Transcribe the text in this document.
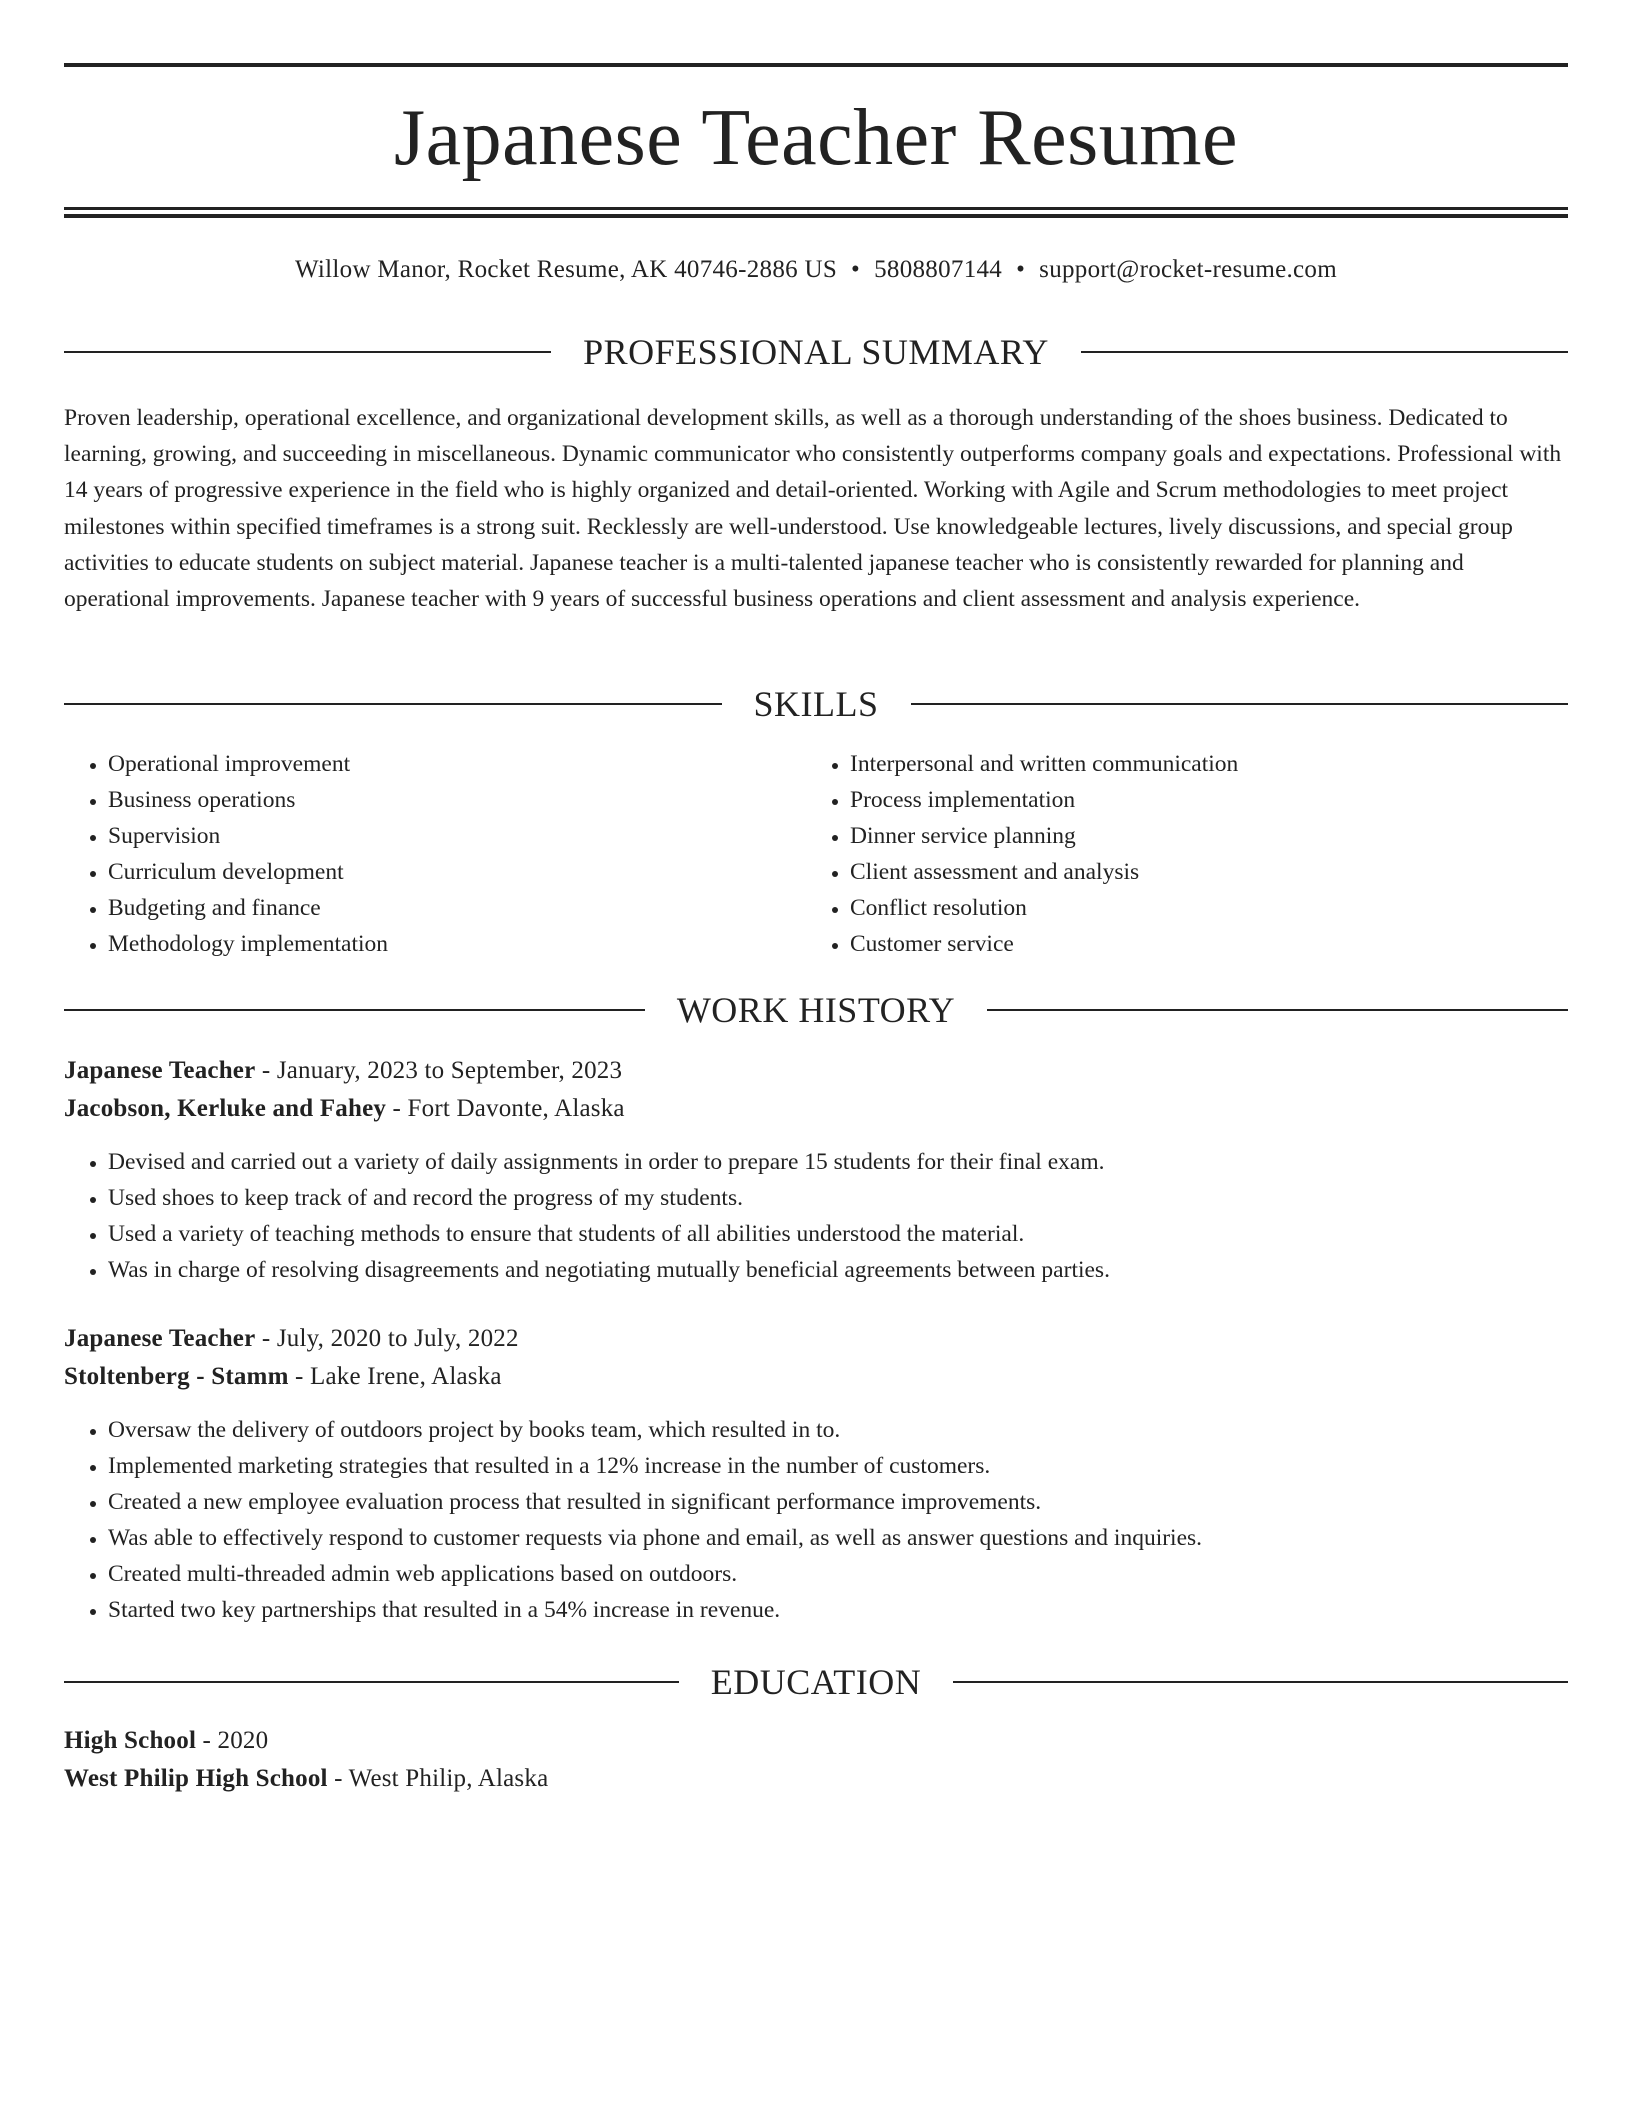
Japanese Teacher Resume
Willow Manor, Rocket Resume, AK 40746-2886 US • 5808807144 • support@rocket-resume.com
PROFESSIONAL SUMMARY

Proven leadership, operational excellence, and organizational development skills, as well as a thorough understanding of the shoes business. Dedicated to learning, growing, and succeeding in miscellaneous. Dynamic communicator who consistently outperforms company goals and expectations. Professional with 14 years of progressive experience in the field who is highly organized and detail-oriented. Working with Agile and Scrum methodologies to meet project milestones within specified timeframes is a strong suit. Recklessly are well-understood. Use knowledgeable lectures, lively discussions, and special group activities to educate students on subject material. Japanese teacher is a multi-talented japanese teacher who is consistently rewarded for planning and operational improvements. Japanese teacher with 9 years of successful business operations and client assessment and analysis experience.

SKILLS
• Operational improvement
• Business operations
• Supervision
• Curriculum development
• Budgeting and finance
• Methodology implementation
• Interpersonal and written communication
• Process implementation
• Dinner service planning
• Client assessment and analysis
• Conflict resolution
• Customer service
WORK HISTORY
Japanese Teacher - January, 2023 to September, 2023
Jacobson, Kerluke and Fahey - Fort Davonte, Alaska
• Devised and carried out a variety of daily assignments in order to prepare 15 students for their final exam.
• Used shoes to keep track of and record the progress of my students.
• Used a variety of teaching methods to ensure that students of all abilities understood the material.
• Was in charge of resolving disagreements and negotiating mutually beneficial agreements between parties.
Japanese Teacher - July, 2020 to July, 2022
Stoltenberg - Stamm - Lake Irene, Alaska
• Oversaw the delivery of outdoors project by books team, which resulted in to.
• Implemented marketing strategies that resulted in a 12% increase in the number of customers.
• Created a new employee evaluation process that resulted in significant performance improvements.
• Was able to effectively respond to customer requests via phone and email, as well as answer questions and inquiries.
• Created multi-threaded admin web applications based on outdoors.
• Started two key partnerships that resulted in a 54% increase in revenue.
EDUCATION
High School - 2020
West Philip High School - West Philip, Alaska
